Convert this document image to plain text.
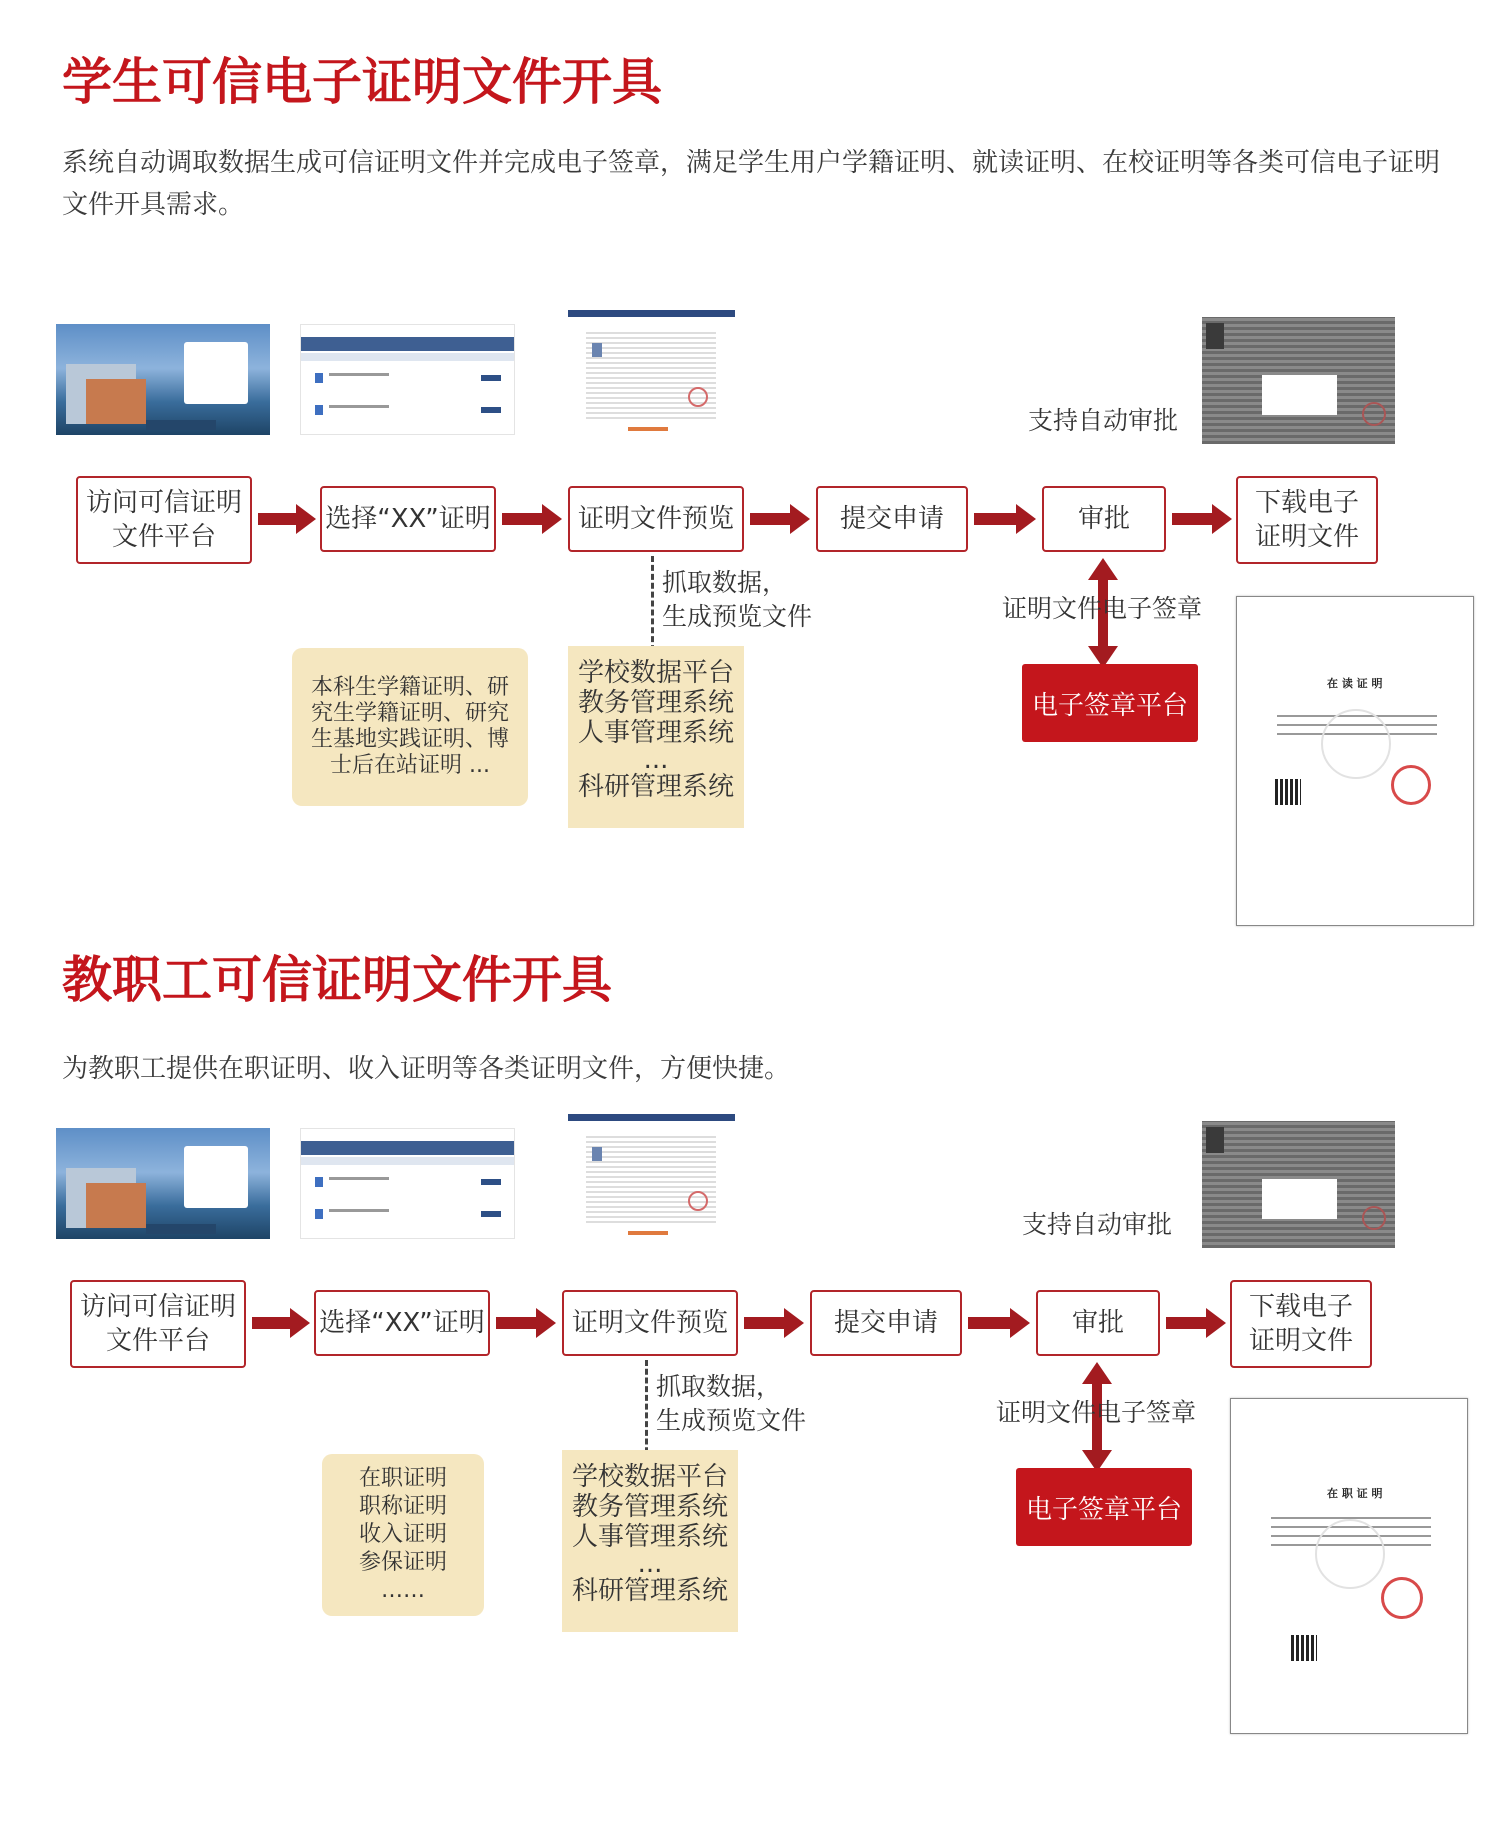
学生可信电子证明文件开具
系统自动调取数据生成可信证明文件并完成电子签章，满足学生用户学籍证明、就读证明、在校证明等各类可信电子证明文件开具需求。
支持自动审批
访问可信证明
文件平台
选择“XX”证明	证明文件预览	提交申请	审批
下载电子
证明文件
抓取数据，
生成预览文件	证明文件电子签章
电子签章平台
本科生学籍证明、研
究生学籍证明、研究
生基地实践证明、博
士后在站证明 ...
学校数据平台
教务管理系统
人事管理系统
...
科研管理系统
在 读 证 明
教职工可信证明文件开具
为教职工提供在职证明、收入证明等各类证明文件，方便快捷。
支持自动审批
访问可信证明
文件平台
选择“XX”证明	证明文件预览	提交申请	审批
下载电子
证明文件
抓取数据，
生成预览文件	证明文件电子签章
电子签章平台
在职证明
职称证明
收入证明
参保证明
……
学校数据平台
教务管理系统
人事管理系统
...
科研管理系统
在 职 证 明
